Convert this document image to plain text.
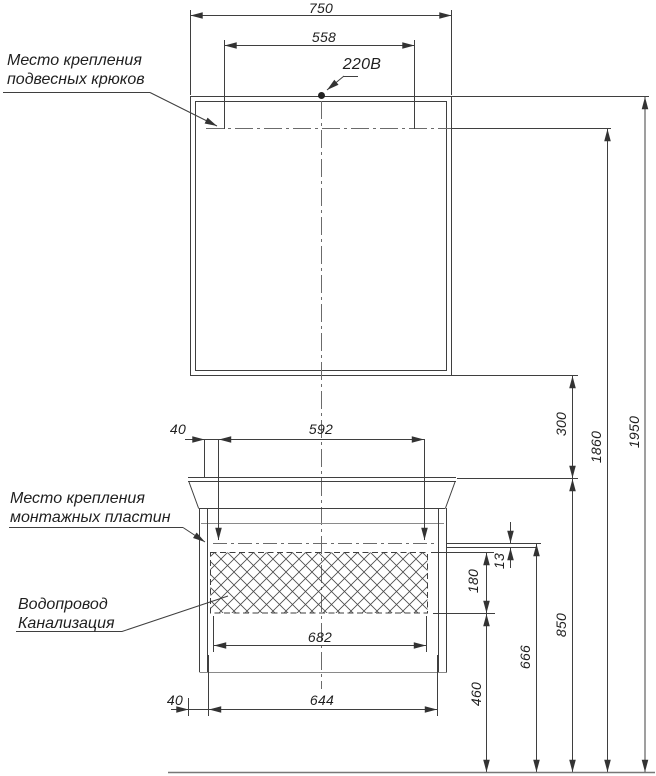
750
558
220В
40	592
682
40	644
300
1860 1950
13
180
850
666
460
Место крепления
подвесных крюков
Место крепления
монтажных пластин
Водопровод
Канализация
